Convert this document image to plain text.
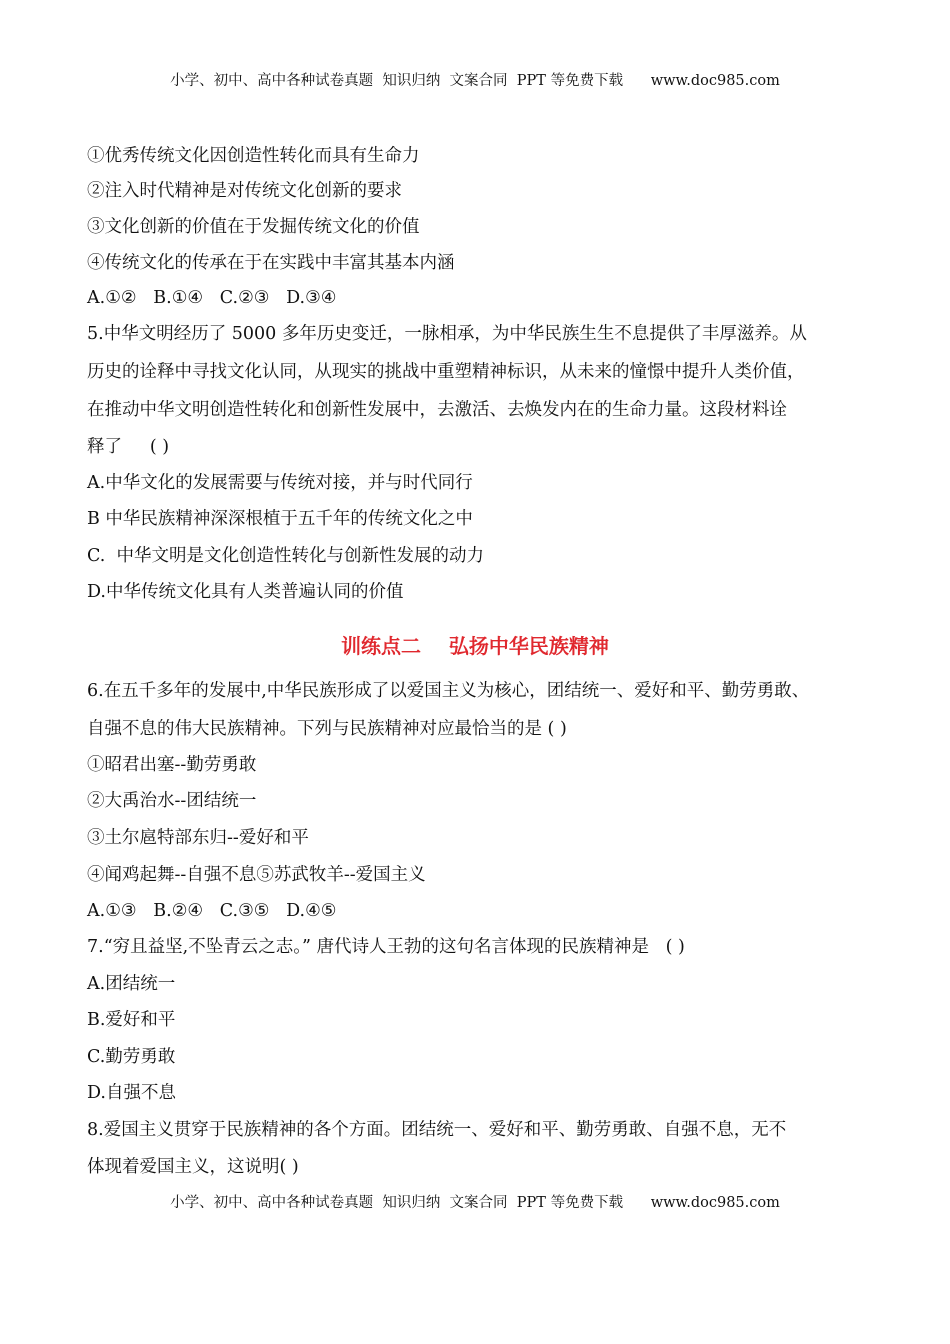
小学、初中、高中各种试卷真题  知识归纳  文案合同  PPT 等免费下载      www.doc985.com
训练点二    弘扬中华民族精神
小学、初中、高中各种试卷真题  知识归纳  文案合同  PPT 等免费下载      www.doc985.com
①优秀传统文化因创造性转化而具有生命力
②注入时代精神是对传统文化创新的要求
③文化创新的价值在于发掘传统文化的价值
④传统文化的传承在于在实践中丰富其基本内涵
A.①②   B.①④   C.②③   D.③④
5.中华文明经历了 5000 多年历史变迁，一脉相承，为中华民族生生不息提供了丰厚滋养。从
历史的诠释中寻找文化认同，从现实的挑战中重塑精神标识，从未来的憧憬中提升人类价值，
在推动中华文明创造性转化和创新性发展中，去激活、去焕发内在的生命力量。这段材料诠
释了     ( )
A.中华文化的发展需要与传统对接，并与时代同行
B 中华民族精神深深根植于五千年的传统文化之中
C.  中华文明是文化创造性转化与创新性发展的动力
D.中华传统文化具有人类普遍认同的价值
6.在五千多年的发展中,中华民族形成了以爱国主义为核心，团结统一、爱好和平、勤劳勇敢、
自强不息的伟大民族精神。下列与民族精神对应最恰当的是 ( )
①昭君出塞--勤劳勇敢
②大禹治水--团结统一
③土尔扈特部东归--爱好和平
④闻鸡起舞--自强不息⑤苏武牧羊--爱国主义
A.①③   B.②④   C.③⑤   D.④⑤
7.“穷且益坚,不坠青云之志。” 唐代诗人王勃的这句名言体现的民族精神是   ( )
A.团结统一
B.爱好和平
C.勤劳勇敢
D.自强不息
8.爱国主义贯穿于民族精神的各个方面。团结统一、爱好和平、勤劳勇敢、自强不息，无不
体现着爱国主义，这说明( )
